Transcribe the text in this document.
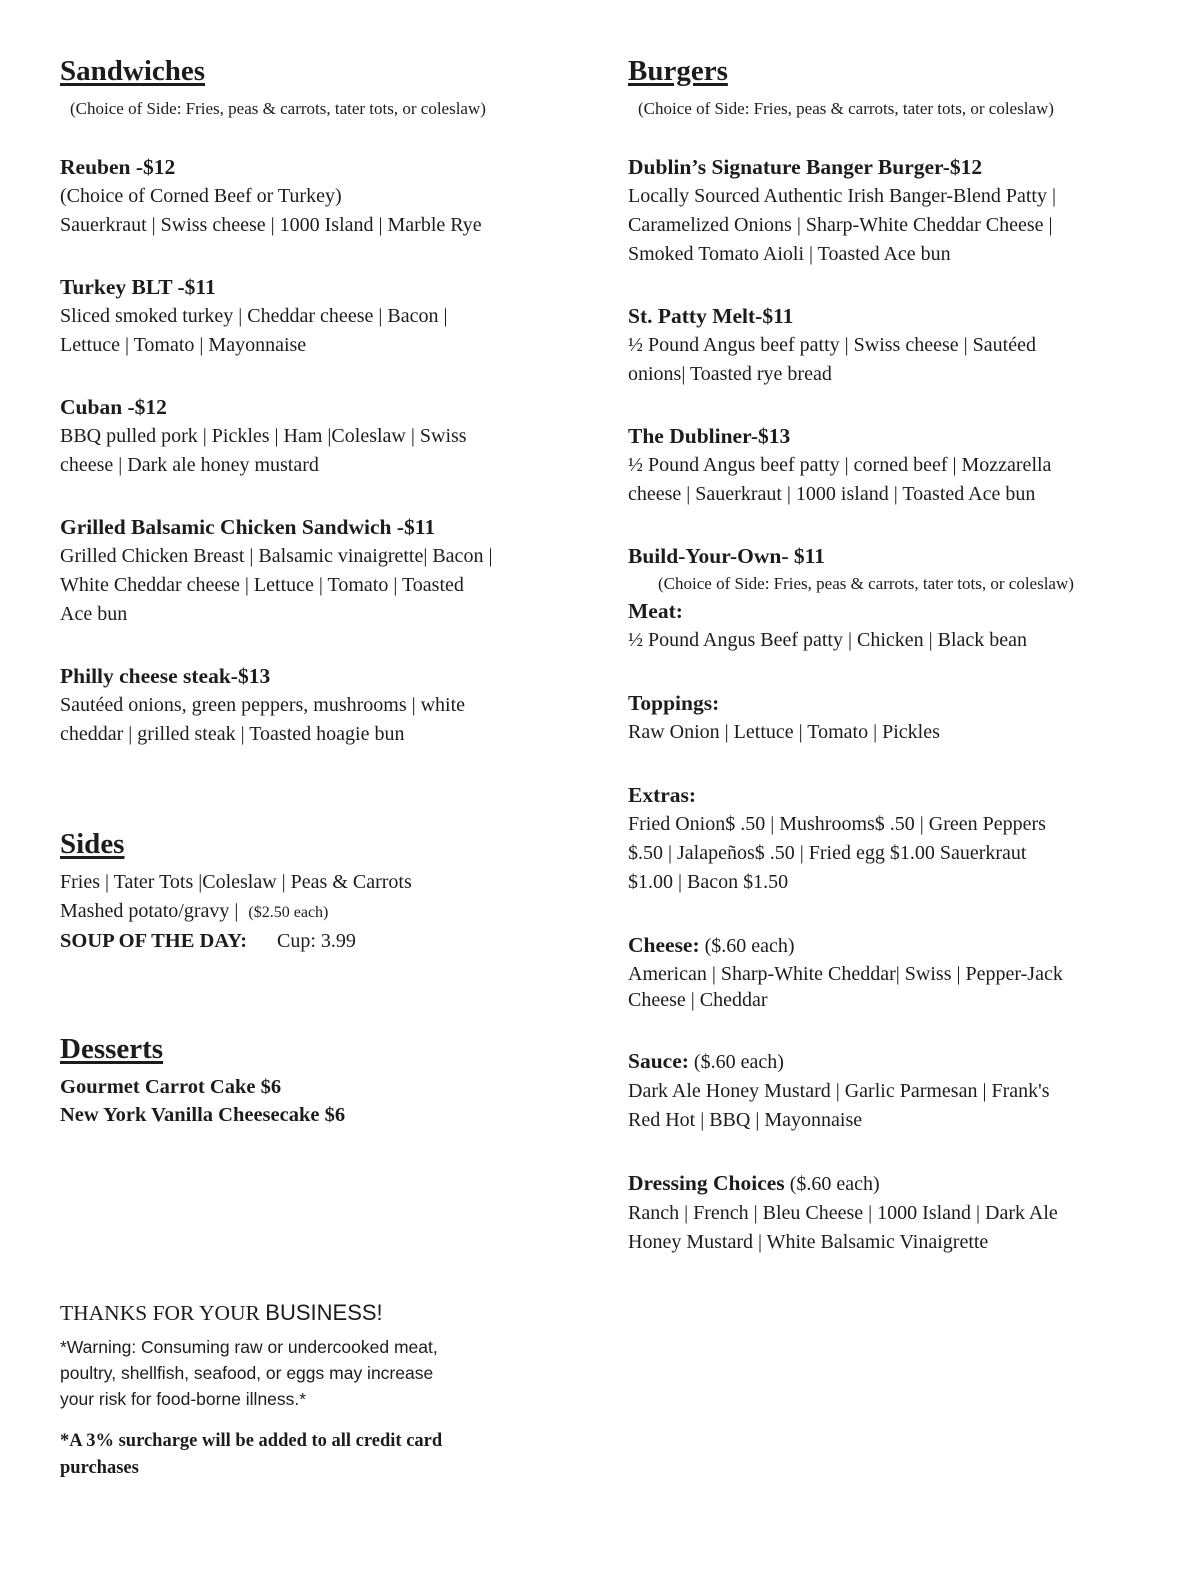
Sandwiches
(Choice of Side: Fries, peas & carrots, tater tots, or coleslaw)
Reuben -$12
(Choice of Corned Beef or Turkey)
Sauerkraut | Swiss cheese | 1000 Island | Marble Rye
Turkey BLT -$11
Sliced smoked turkey | Cheddar cheese | Bacon |
Lettuce | Tomato | Mayonnaise
Cuban -$12
BBQ pulled pork | Pickles | Ham |Coleslaw | Swiss
cheese | Dark ale honey mustard
Grilled Balsamic Chicken Sandwich -$11
Grilled Chicken Breast | Balsamic vinaigrette| Bacon |
White Cheddar cheese | Lettuce | Tomato | Toasted
Ace bun
Philly cheese steak-$13
Sautéed onions, green peppers, mushrooms | white
cheddar | grilled steak | Toasted hoagie bun
Sides
Fries | Tater Tots |Coleslaw | Peas & Carrots
Mashed potato/gravy | ($2.50 each)
SOUP OF THE DAY: Cup: 3.99
Desserts
Gourmet Carrot Cake $6
New York Vanilla Cheesecake $6
THANKS FOR YOUR BUSINESS!
*Warning: Consuming raw or undercooked meat,
poultry, shellfish, seafood, or eggs may increase
your risk for food-borne illness.*
*A 3% surcharge will be added to all credit card
purchases
Burgers
(Choice of Side: Fries, peas & carrots, tater tots, or coleslaw)
Dublin’s Signature Banger Burger-$12
Locally Sourced Authentic Irish Banger-Blend Patty |
Caramelized Onions | Sharp-White Cheddar Cheese |
Smoked Tomato Aioli | Toasted Ace bun
St. Patty Melt-$11
½ Pound Angus beef patty | Swiss cheese | Sautéed
onions| Toasted rye bread
The Dubliner-$13
½ Pound Angus beef patty | corned beef | Mozzarella
cheese | Sauerkraut | 1000 island | Toasted Ace bun
Build-Your-Own- $11
(Choice of Side: Fries, peas & carrots, tater tots, or coleslaw)
Meat:
½ Pound Angus Beef patty | Chicken | Black bean
Toppings:
Raw Onion | Lettuce | Tomato | Pickles
Extras:
Fried Onion$ .50 | Mushrooms$ .50 | Green Peppers
$.50 | Jalapeños$ .50 | Fried egg $1.00 Sauerkraut
$1.00 | Bacon $1.50
Cheese: ($.60 each)
American | Sharp-White Cheddar| Swiss | Pepper-Jack
Cheese | Cheddar
Sauce: ($.60 each)
Dark Ale Honey Mustard | Garlic Parmesan | Frank's
Red Hot | BBQ | Mayonnaise
Dressing Choices ($.60 each)
Ranch | French | Bleu Cheese | 1000 Island | Dark Ale
Honey Mustard | White Balsamic Vinaigrette
